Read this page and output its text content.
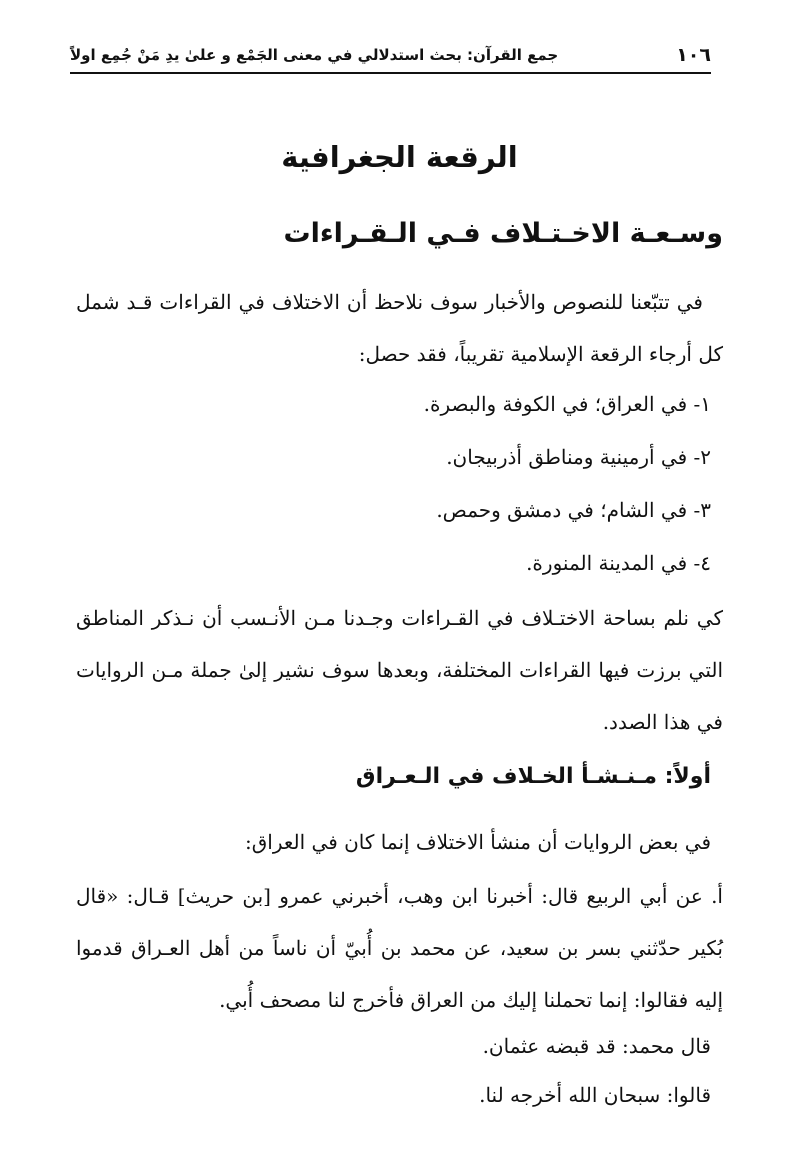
١٠٦
جمع القرآن: بحث استدلالي في معنى الجَمْع و علىٰ يدِ مَنْ جُمِع اولاً
الرقعة الجغرافية
وسـعـة الاخـتـلاف فـي الـقـراءات

في تتبّعنا للنصوص والأخبار سوف نلاحظ أن الاختلاف في القراءات قـد شمل كل أرجاء الرقعة الإسلامية تقريباً، فقد حصل:

١- في العراق؛ في الكوفة والبصرة.

٢- في أرمينية ومناطق أذربيجان.

٣- في الشام؛ في دمشق وحمص.

٤- في المدينة المنورة.

كي نلم بساحة الاختـلاف في القـراءات وجـدنا مـن الأنـسب أن نـذكر المناطق التي برزت فيها القراءات المختلفة، وبعدها سوف نشير إلىٰ جملة مـن الروايات في هذا الصدد.

أولاً: مـنـشـأ الخـلاف في الـعـراق

في بعض الروايات أن منشأ الاختلاف إنما كان في العراق:

أ. عن أبي الربيع قال: أخبرنا ابن وهب، أخبرني عمرو [بن حريث] قـال: «قال بُكير حدّثني بسر بن سعيد، عن محمد بن أُبيّ أن ناساً من أهل العـراق قدموا إليه فقالوا: إنما تحملنا إليك من العراق فأخرج لنا مصحف أُبي.

قال محمد: قد قبضه عثمان.

قالوا: سبحان الله أخرجه لنا.
